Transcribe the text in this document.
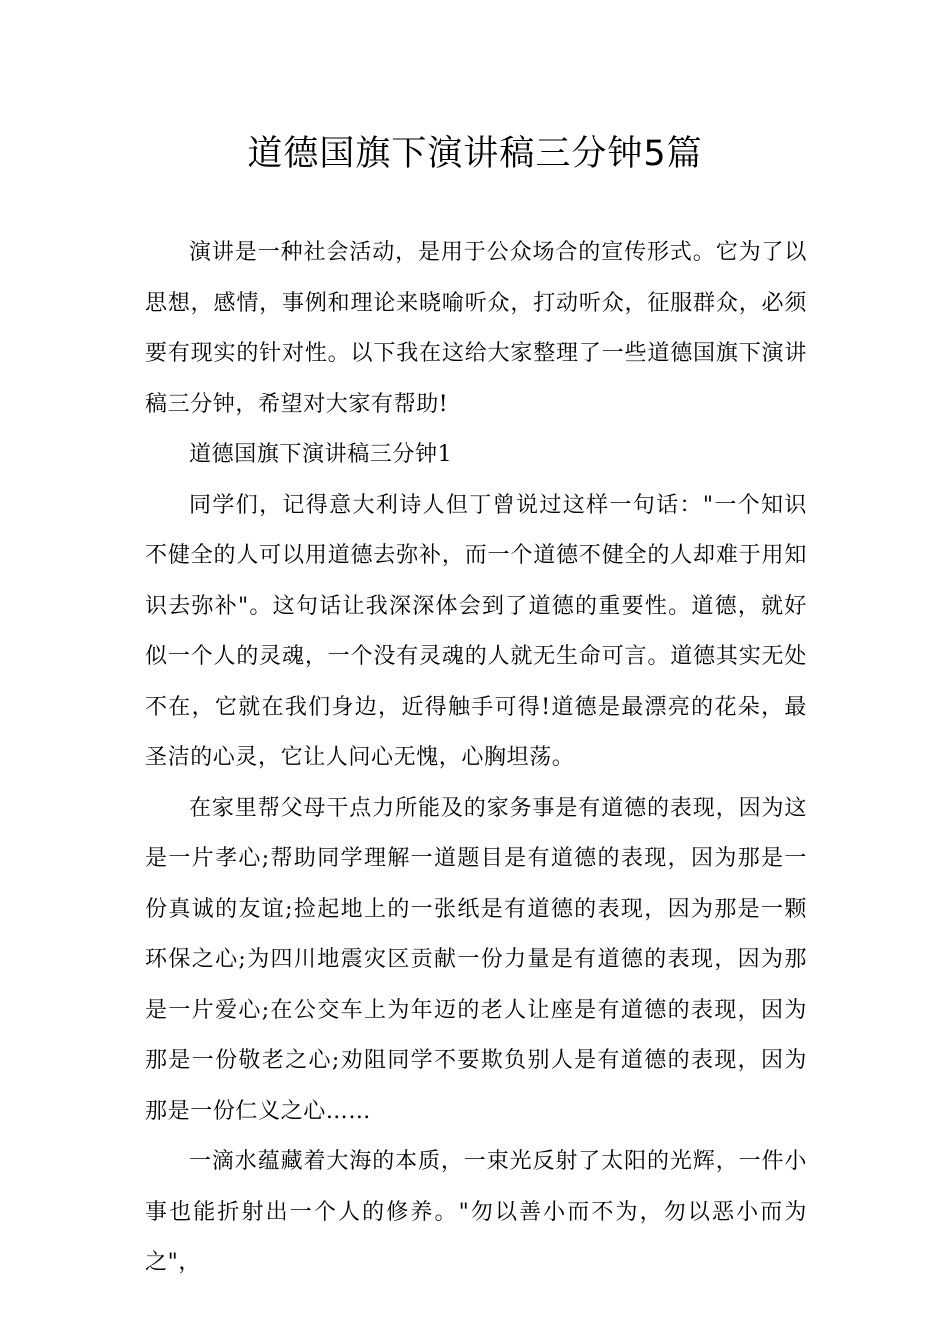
道德国旗下演讲稿三分钟5篇

演讲是一种社会活动，是用于公众场合的宣传形式。它为了以思想，感情，事例和理论来晓喻听众，打动听众，征服群众，必须要有现实的针对性。以下我在这给大家整理了一些道德国旗下演讲稿三分钟，希望对大家有帮助!

道德国旗下演讲稿三分钟1

同学们，记得意大利诗人但丁曾说过这样一句话："一个知识不健全的人可以用道德去弥补，而一个道德不健全的人却难于用知识去弥补"。这句话让我深深体会到了道德的重要性。道德，就好似一个人的灵魂，一个没有灵魂的人就无生命可言。道德其实无处不在，它就在我们身边，近得触手可得!道德是最漂亮的花朵，最圣洁的心灵，它让人问心无愧，心胸坦荡。

在家里帮父母干点力所能及的家务事是有道德的表现，因为这是一片孝心;帮助同学理解一道题目是有道德的表现，因为那是一份真诚的友谊;捡起地上的一张纸是有道德的表现，因为那是一颗环保之心;为四川地震灾区贡献一份力量是有道德的表现，因为那是一片爱心;在公交车上为年迈的老人让座是有道德的表现，因为那是一份敬老之心;劝阻同学不要欺负别人是有道德的表现，因为那是一份仁义之心……

一滴水蕴藏着大海的本质，一束光反射了太阳的光辉，一件小事也能折射出一个人的修养。"勿以善小而不为，勿以恶小而为之"，
